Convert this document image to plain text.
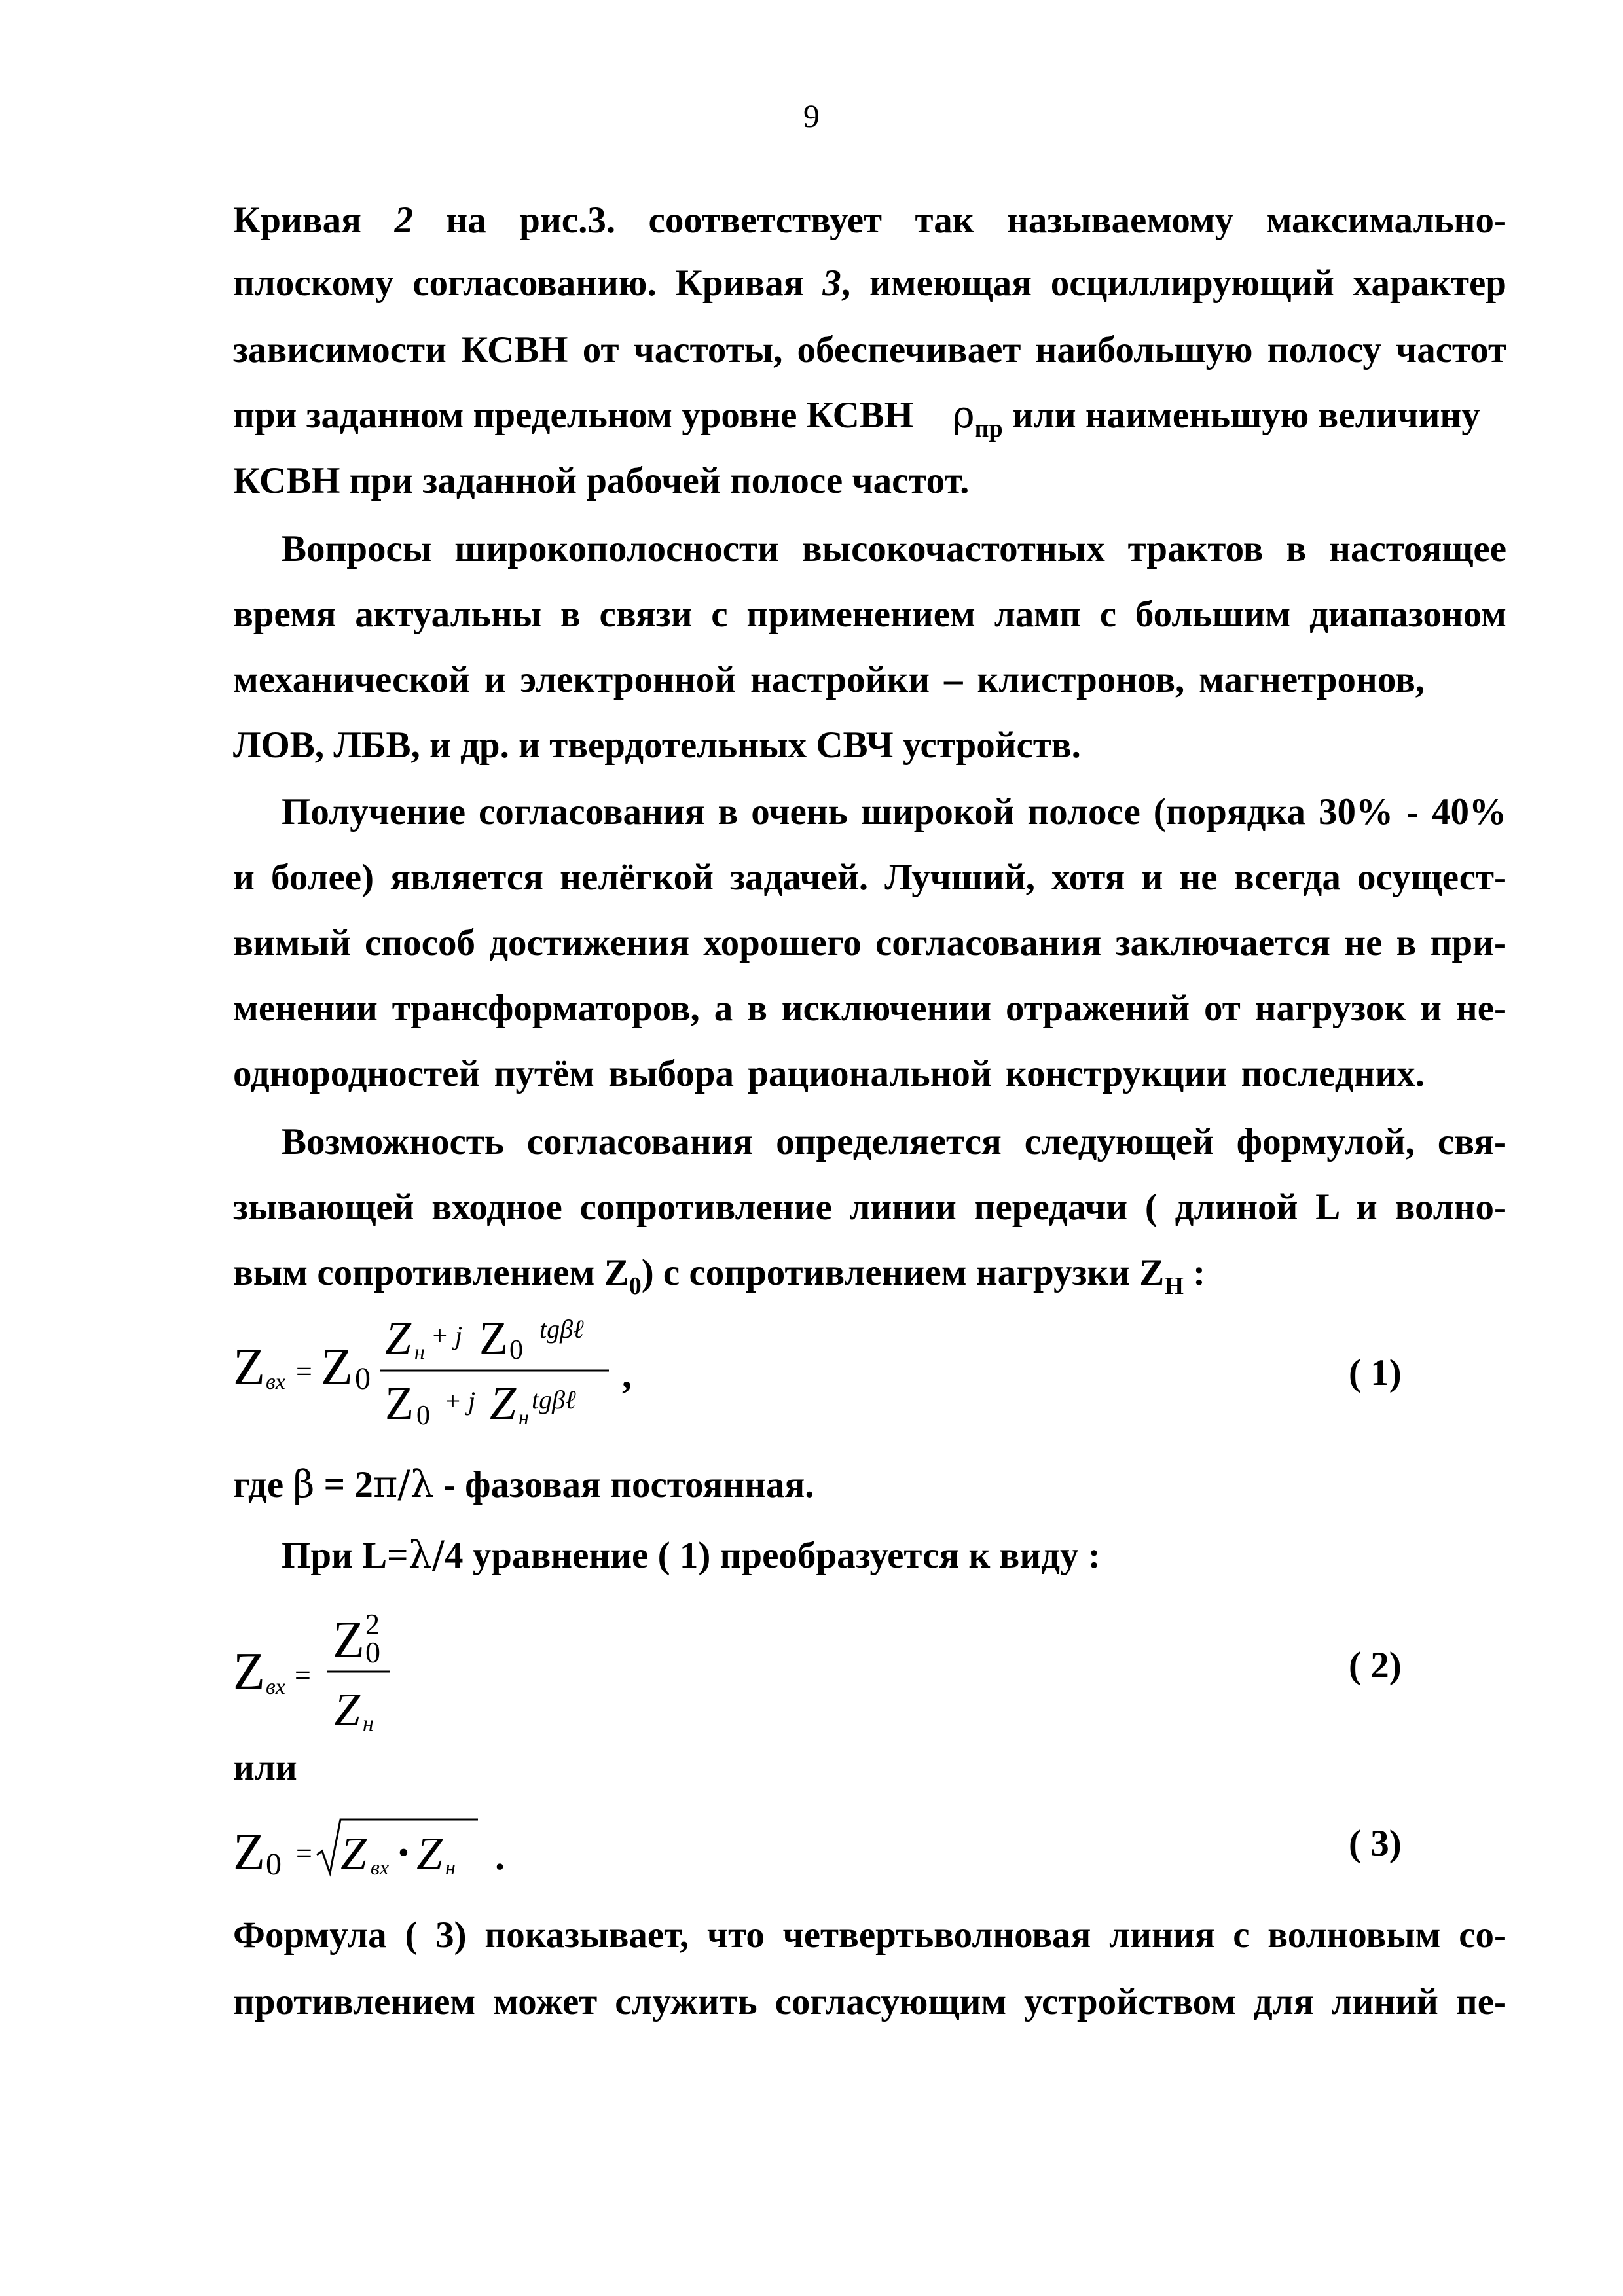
9
Кривая 2 на рис.3. соответствует так называемому максимально-
плоскому согласованию. Кривая 3, имеющая осциллирующий характер
зависимости КСВН от частоты, обеспечивает наибольшую полосу частот
при заданном предельном уровне КСВН $\rho_{пр}$ или наименьшую величину
КСВН при заданной рабочей полосе частот.
Вопросы широкополосности высокочастотных трактов в настоящее
время актуальны в связи с применением ламп с большим диапазоном
механической и электронной настройки – клистронов, магнетронов,
ЛОВ, ЛБВ, и др. и твердотельных СВЧ устройств.
Получение согласования в очень широкой полосе (порядка 30% - 40%
и более) является нелёгкой задачей. Лучший, хотя и не всегда осущест-
вимый способ достижения хорошего согласования заключается не в при-
менении трансформаторов, а в исключении отражений от нагрузок и не-
однородностей путём выбора рациональной конструкции последних.
Возможность согласования определяется следующей формулой, свя-
зывающей входное сопротивление линии передачи ( длиной L и волно-
вым сопротивлением $Z_0$) с сопротивлением нагрузки $Z_H$ :
Z вх = Z 0
Z н
+ j Z 0
tgβℓ
Z 0 + j Z н
tgβℓ
,	( 1)
где β = 2π/λ - фазовая постоянная.
При L=λ/4 уравнение ( 1) преобразуется к виду :
Z вх =
Z 0
2
Z н
( 2)
или
Z 0 = Z вх • Z н .	( 3)
Формула ( 3) показывает, что четвертьволновая линия с волновым со-
противлением может служить согласующим устройством для линий пе-
